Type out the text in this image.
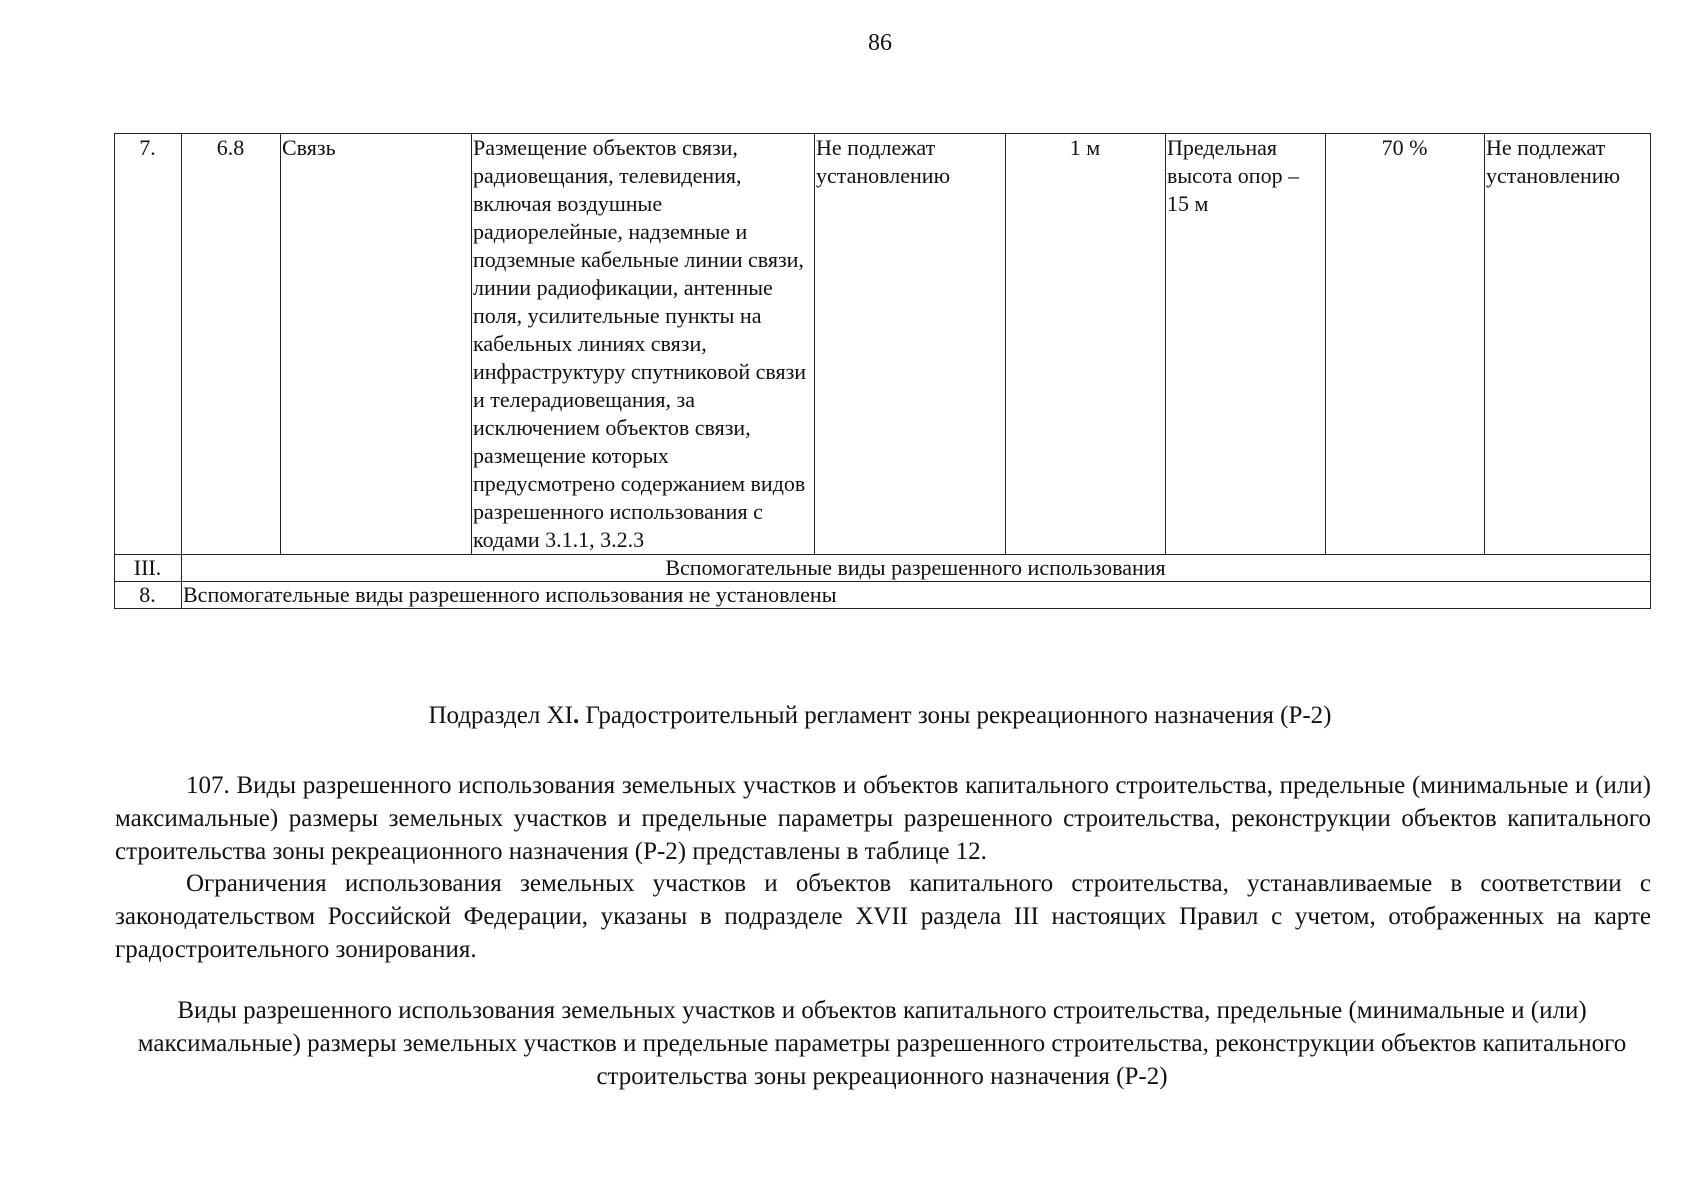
86
7.	6.8	Связь	Размещение объектов связи, радиовещания, телевидения, включая воздушные радиорелейные, надземные и подземные кабельные линии связи, линии радиофикации, антенные поля, усилительные пункты на кабельных линиях связи, инфраструктуру спутниковой связи и телерадиовещания, за исключением объектов связи, размещение которых предусмотрено содержанием видов разрешенного использования с кодами 3.1.1, 3.2.3	Не подлежат установлению	1 м	Предельная высота опор – 15 м	70 %	Не подлежат установлению
III.	Вспомогательные виды разрешенного использования							
8.	Вспомогательные виды разрешенного использования не установлены							
Подраздел XI. Градостроительный регламент зоны рекреационного назначения (Р-2)
107. Виды разрешенного использования земельных участков и объектов капитального строительства, предельные (минимальные и (или) максимальные) размеры земельных участков и предельные параметры разрешенного строительства, реконструкции объектов капитального строительства зоны рекреационного назначения (Р-2) представлены в таблице 12.
Ограничения использования земельных участков и объектов капитального строительства, устанавливаемые в соответствии с законодательством Российской Федерации, указаны в подразделе XVII раздела III настоящих Правил с учетом, отображенных на карте градостроительного зонирования.
Виды разрешенного использования земельных участков и объектов капитального строительства, предельные (минимальные и (или) максимальные) размеры земельных участков и предельные параметры разрешенного строительства, реконструкции объектов капитального строительства зоны рекреационного назначения (Р-2)
